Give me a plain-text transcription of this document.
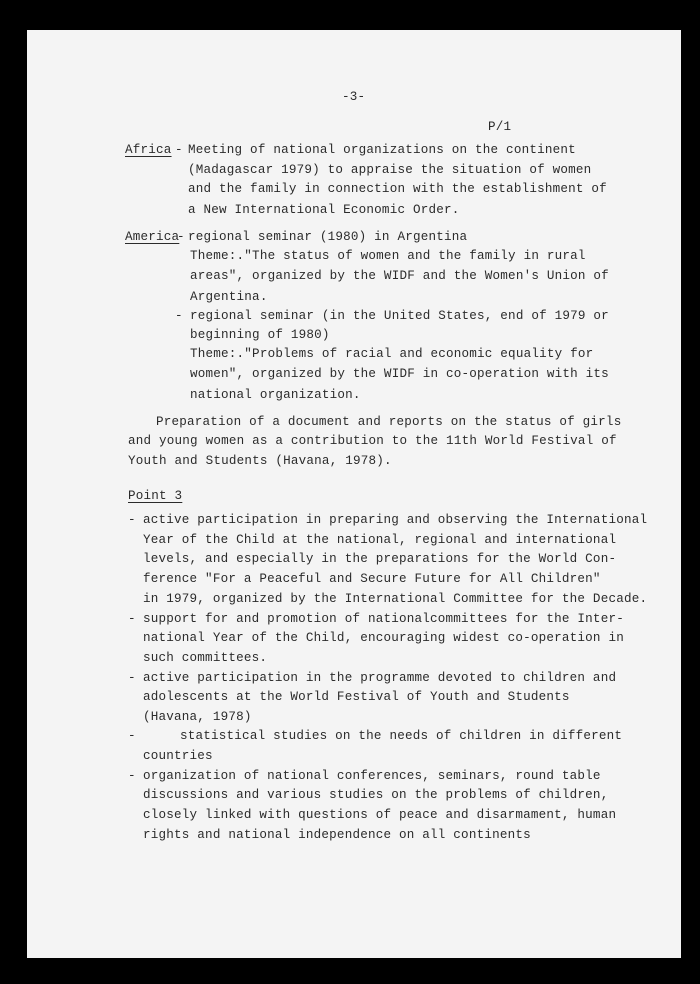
-3-
P/1
Africa - Meeting of national organizations on the continent
(Madagascar 1979) to appraise the situation of women
and the family in connection with the establishment of
a New International Economic Order.
America
- regional seminar (1980) in Argentina
Theme:."The status of women and the family in rural
areas", organized by the WIDF and the Women's Union of
Argentina.
- regional seminar (in the United States, end of 1979 or
beginning of 1980)
Theme:."Problems of racial and economic equality for
women", organized by the WIDF in co-operation with its
national organization.
Preparation of a document and reports on the status of girls
and young women as a contribution to the 11th World Festival of
Youth and Students (Havana, 1978).
Point 3
- active participation in preparing and observing the International
Year of the Child at the national, regional and international
levels, and especially in the preparations for the World Con-
ference "For a Peaceful and Secure Future for All Children"
in 1979, organized by the International Committee for the Decade.
- support for and promotion of nationalcommittees for the Inter-
national Year of the Child, encouraging widest co-operation in
such committees.
- active participation in the programme devoted to children and
adolescents at the World Festival of Youth and Students
(Havana, 1978)
-	statistical studies on the needs of children in different
countries
- organization of national conferences, seminars, round table
discussions and various studies on the problems of children,
closely linked with questions of peace and disarmament, human
rights and national independence on all continents
